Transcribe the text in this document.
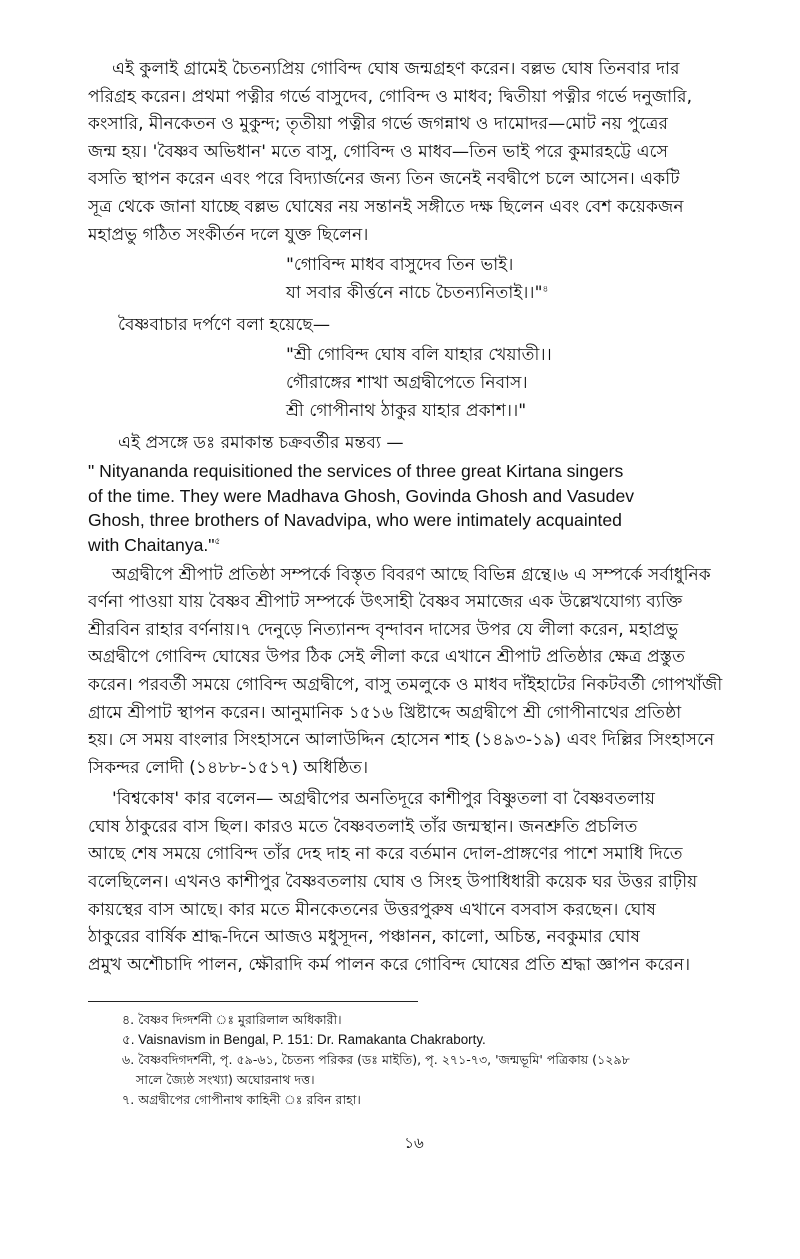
এই কুলাই গ্রামেই চৈতন্যপ্রিয় গোবিন্দ ঘোষ জন্মগ্রহণ করেন। বল্লভ ঘোষ তিনবার দার
পরিগ্রহ করেন। প্রথমা পত্নীর গর্ভে বাসুদেব, গোবিন্দ ও মাধব; দ্বিতীয়া পত্নীর গর্ভে দনুজারি,
কংসারি, মীনকেতন ও মুকুন্দ; তৃতীয়া পত্নীর গর্ভে জগন্নাথ ও দামোদর—মোট নয় পুত্রের
জন্ম হয়। 'বৈষ্ণব অভিধান' মতে বাসু, গোবিন্দ ও মাধব—তিন ভাই পরে কুমারহট্টে এসে
বসতি স্থাপন করেন এবং পরে বিদ্যার্জনের জন্য তিন জনেই নবদ্বীপে চলে আসেন। একটি
সূত্র থেকে জানা যাচ্ছে বল্লভ ঘোষের নয় সন্তানই সঙ্গীতে দক্ষ ছিলেন এবং বেশ কয়েকজন
মহাপ্রভু গঠিত সংকীর্তন দলে যুক্ত ছিলেন।

"গোবিন্দ মাধব বাসুদেব তিন ভাই।
যা সবার কীর্ত্তনে নাচে চৈতন্যনিতাই।।"$^৪$
বৈষ্ণবাচার দর্পণে বলা হয়েছে—
"শ্রী গোবিন্দ ঘোষ বলি যাহার খেয়াতী।।
গৌরাঙ্গের শাখা অগ্রদ্বীপেতে নিবাস।
শ্রী গোপীনাথ ঠাকুর যাহার প্রকাশ।।"
এই প্রসঙ্গে ডঃ রমাকান্ত চক্রবর্তীর মন্তব্য —
" Nityananda requisitioned the services of three great Kirtana singers
of the time. They were Madhava Ghosh, Govinda Ghosh and Vasudev
Ghosh, three brothers of Navadvipa, who were intimately acquainted
with Chaitanya."$^৫$

অগ্রদ্বীপে শ্রীপাট প্রতিষ্ঠা সম্পর্কে বিস্তৃত বিবরণ আছে বিভিন্ন গ্রন্থে।৬ এ সম্পর্কে সর্বাধুনিক
বর্ণনা পাওয়া যায় বৈষ্ণব শ্রীপাট সম্পর্কে উৎসাহী বৈষ্ণব সমাজের এক উল্লেখযোগ্য ব্যক্তি
শ্রীরবিন রাহার বর্ণনায়।৭ দেনুড়ে নিত্যানন্দ বৃন্দাবন দাসের উপর যে লীলা করেন, মহাপ্রভু
অগ্রদ্বীপে গোবিন্দ ঘোষের উপর ঠিক সেই লীলা করে এখানে শ্রীপাট প্রতিষ্ঠার ক্ষেত্র প্রস্তুত
করেন। পরবর্তী সময়ে গোবিন্দ অগ্রদ্বীপে, বাসু তমলুকে ও মাধব দাঁইহাটের নিকটবর্তী গোপখাঁজী
গ্রামে শ্রীপাট স্থাপন করেন। আনুমানিক ১৫১৬ খ্রিষ্টাব্দে অগ্রদ্বীপে শ্রী গোপীনাথের প্রতিষ্ঠা
হয়। সে সময় বাংলার সিংহাসনে আলাউদ্দিন হোসেন শাহ (১৪৯৩-১৯) এবং দিল্লির সিংহাসনে
সিকন্দর লোদী (১৪৮৮-১৫১৭) অধিষ্ঠিত।

'বিশ্বকোষ' কার বলেন— অগ্রদ্বীপের অনতিদূরে কাশীপুর বিষ্ণুতলা বা বৈষ্ণবতলায়
ঘোষ ঠাকুরের বাস ছিল। কারও মতে বৈষ্ণবতলাই তাঁর জন্মস্থান। জনশ্রুতি প্রচলিত
আছে শেষ সময়ে গোবিন্দ তাঁর দেহ দাহ না করে বর্তমান দোল-প্রাঙ্গণের পাশে সমাধি দিতে
বলেছিলেন। এখনও কাশীপুর বৈষ্ণবতলায় ঘোষ ও সিংহ উপাধিধারী কয়েক ঘর উত্তর রাঢ়ীয়
কায়স্থের বাস আছে। কার মতে মীনকেতনের উত্তরপুরুষ এখানে বসবাস করছেন। ঘোষ
ঠাকুরের বার্ষিক শ্রাদ্ধ-দিনে আজও মধুসূদন, পঞ্চানন, কালো, অচিন্ত, নবকুমার ঘোষ
প্রমুখ অশৌচাদি পালন, ক্ষৌরাদি কর্ম পালন করে গোবিন্দ ঘোষের প্রতি শ্রদ্ধা জ্ঞাপন করেন।

৪. বৈষ্ণব দিগ্দর্শনী ঃ মুরারিলাল অধিকারী।

৫. Vaisnavism in Bengal, P. 151: Dr. Ramakanta Chakraborty.

৬. বৈষ্ণবদিগদর্শনী, পৃ. ৫৯-৬১, চৈতন্য পরিকর (ডঃ মাইতি), পৃ. ২৭১-৭৩, 'জন্মভূমি' পত্রিকায় (১২৯৮
সালে জ্যৈষ্ঠ সংখ্যা) অঘোরনাথ দত্ত।

৭. অগ্রদ্বীপের গোপীনাথ কাহিনী ঃ রবিন রাহা।

১৬
